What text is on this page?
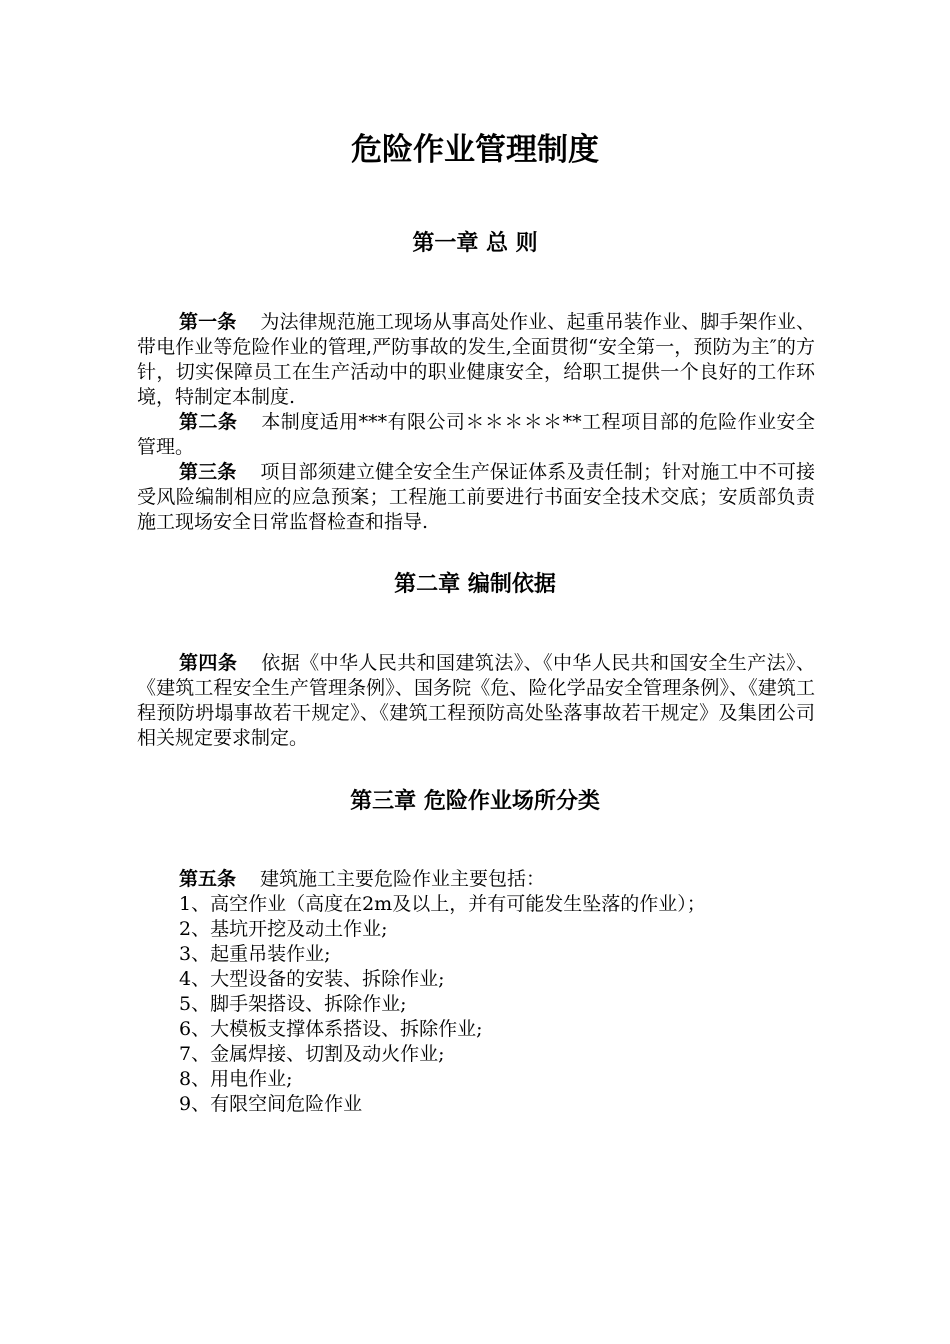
危险作业管理制度
第一章 总 则

第一条 为法律规范施工现场从事高处作业、起重吊装作业、脚手架作业、带电作业等危险作业的管理,严防事故的发生,全面贯彻“安全第一，预防为主″的方针，切实保障员工在生产活动中的职业健康安全，给职工提供一个良好的工作环境，特制定本制度.

第二条 本制度适用***有限公司＊＊＊＊＊**工程项目部的危险作业安全管理。

第三条 项目部须建立健全安全生产保证体系及责任制；针对施工中不可接受风险编制相应的应急预案；工程施工前要进行书面安全技术交底；安质部负责施工现场安全日常监督检查和指导.

第二章 编制依据

第四条 依据《中华人民共和国建筑法》、《中华人民共和国安全生产法》、《建筑工程安全生产管理条例》、国务院《危、险化学品安全管理条例》、《建筑工程预防坍塌事故若干规定》、《建筑工程预防高处坠落事故若干规定》及集团公司相关规定要求制定。

第三章 危险作业场所分类

第五条 建筑施工主要危险作业主要包括：

1、高空作业（高度在2m及以上，并有可能发生坠落的作业）；
2、基坑开挖及动土作业;
3、起重吊装作业;
4、大型设备的安装、拆除作业;
5、脚手架搭设、拆除作业;
6、大模板支撑体系搭设、拆除作业;
7、金属焊接、切割及动火作业;
8、用电作业;
9、有限空间危险作业
